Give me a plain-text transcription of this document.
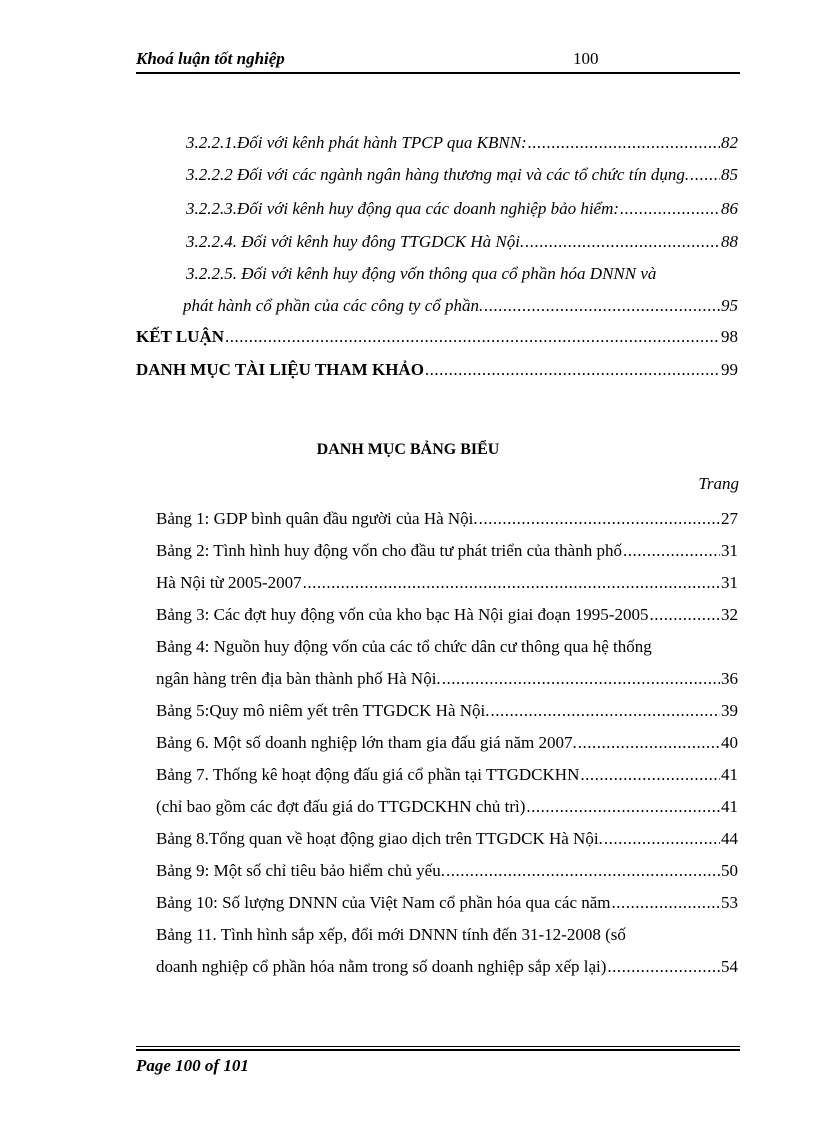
Khoá luận tốt nghiệp	100
3.2.2.1.Đối với kênh phát hành TPCP qua KBNN: .....	82
3.2.2.2 Đối với các ngành ngân hàng thương mại và các tổ chức tín dụng. ..... 85
3.2.2.3.Đối với kênh huy động qua các doanh nghiệp bảo hiểm: .....	86
3.2.2.4. Đối với kênh huy đông TTGDCK Hà Nội. .....	88
3.2.2.5. Đối với kênh huy động vốn thông qua cổ phần hóa DNNN và
phát hành cổ phần của các công ty cổ phần. .....	95
KẾT LUẬN .....	98
DANH MỤC TÀI LIỆU THAM KHẢO .....	99
DANH MỤC BẢNG BIỂU
Trang
Bảng 1: GDP bình quân đầu người của Hà Nội. .....	27
Bảng 2: Tình hình huy động vốn cho đầu tư phát triển của thành phố .....	31
Hà Nội từ 2005-2007 .....	31
Bảng 3: Các đợt huy động vốn của kho bạc Hà Nội giai đoạn 1995-2005 .....	32
Bảng 4: Nguồn huy động vốn của các tổ chức dân cư thông qua hệ thống
ngân hàng trên địa bàn thành phố Hà Nội. .....	36
Bảng 5:Quy mô niêm yết trên TTGDCK Hà Nội. .....	39
Bảng 6. Một số doanh nghiệp lớn tham gia đấu giá năm 2007. .....	40
Bảng 7. Thống kê hoạt động đấu giá cổ phần tại TTGDCKHN .....	41
(chỉ bao gồm các đợt đấu giá do TTGDCKHN chủ trì) .....	41
Bảng 8.Tổng quan về hoạt động giao dịch trên TTGDCK Hà Nội. .....	44
Bảng 9: Một số chỉ tiêu bảo hiểm chủ yếu. .....	50
Bảng 10: Số lượng DNNN của Việt Nam cổ phần hóa qua các năm .....	53
Bảng 11. Tình hình sắp xếp, đổi mới DNNN tính đến 31-12-2008 (số
doanh nghiệp cổ phần hóa nằm trong số doanh nghiệp sắp xếp lại) .....	54
Page 100 of 101
